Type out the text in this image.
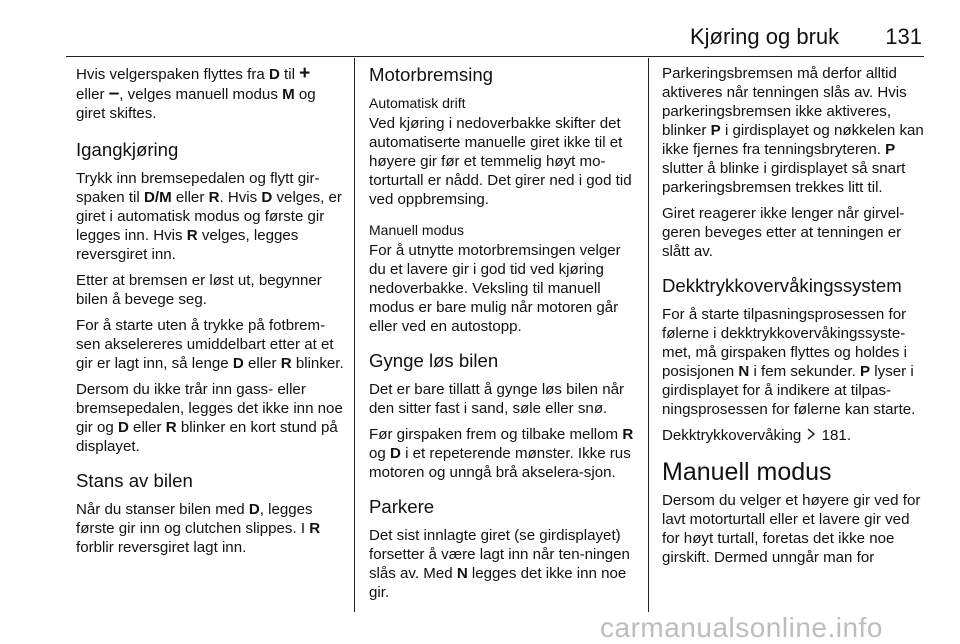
Kjøring og bruk 131

Hvis velgerspaken flyttes fra D til +
eller –, velges manuell modus M og giret skiftes.

Igangkjøring

Trykk inn bremsepedalen og flytt gir-spaken til D/M eller R. Hvis D velges, er giret i automatisk modus og første gir legges inn. Hvis R velges, legges reversgiret inn.

Etter at bremsen er løst ut, begynner bilen å bevege seg.

For å starte uten å trykke på fotbrem-sen akselereres umiddelbart etter at et gir er lagt inn, så lenge D eller R blinker.

Dersom du ikke trår inn gass- eller bremsepedalen, legges det ikke inn noe gir og D eller R blinker en kort stund på displayet.

Stans av bilen

Når du stanser bilen med D, legges første gir inn og clutchen slippes. I R forblir reversgiret lagt inn.

Motorbremsing
Automatisk drift

Ved kjøring i nedoverbakke skifter det automatiserte manuelle giret ikke til et høyere gir før et temmelig høyt mo-torturtall er nådd. Det girer ned i god tid ved oppbremsing.

Manuell modus

For å utnytte motorbremsingen velger du et lavere gir i god tid ved kjøring nedoverbakke. Veksling til manuell modus er bare mulig når motoren går eller ved en autostopp.

Gynge løs bilen

Det er bare tillatt å gynge løs bilen når den sitter fast i sand, søle eller snø.

Før girspaken frem og tilbake mellom R og D i et repeterende mønster. Ikke rus motoren og unngå brå akselera-sjon.

Parkere

Det sist innlagte giret (se girdisplayet) forsetter å være lagt inn når ten-ningen slås av. Med N legges det ikke inn noe gir.

Parkeringsbremsen må derfor alltid aktiveres når tenningen slås av. Hvis parkeringsbremsen ikke aktiveres, blinker P i girdisplayet og nøkkelen kan ikke fjernes fra tenningsbryteren. P slutter å blinke i girdisplayet så snart parkeringsbremsen trekkes litt til.

Giret reagerer ikke lenger når girvel-geren beveges etter at tenningen er slått av.

Dekktrykkovervåkingssystem

For å starte tilpasningsprosessen for følerne i dekktrykkovervåkingssyste-met, må girspaken flyttes og holdes i posisjonen N i fem sekunder. P lyser i girdisplayet for å indikere at tilpas-ningsprosessen for følerne kan starte.

Dekktrykkovervåking  181.

Manuell modus

Dersom du velger et høyere gir ved for lavt motorturtall eller et lavere gir ved for høyt turtall, foretas det ikke noe girskift. Dermed unngår man for

carmanualsonline.info
